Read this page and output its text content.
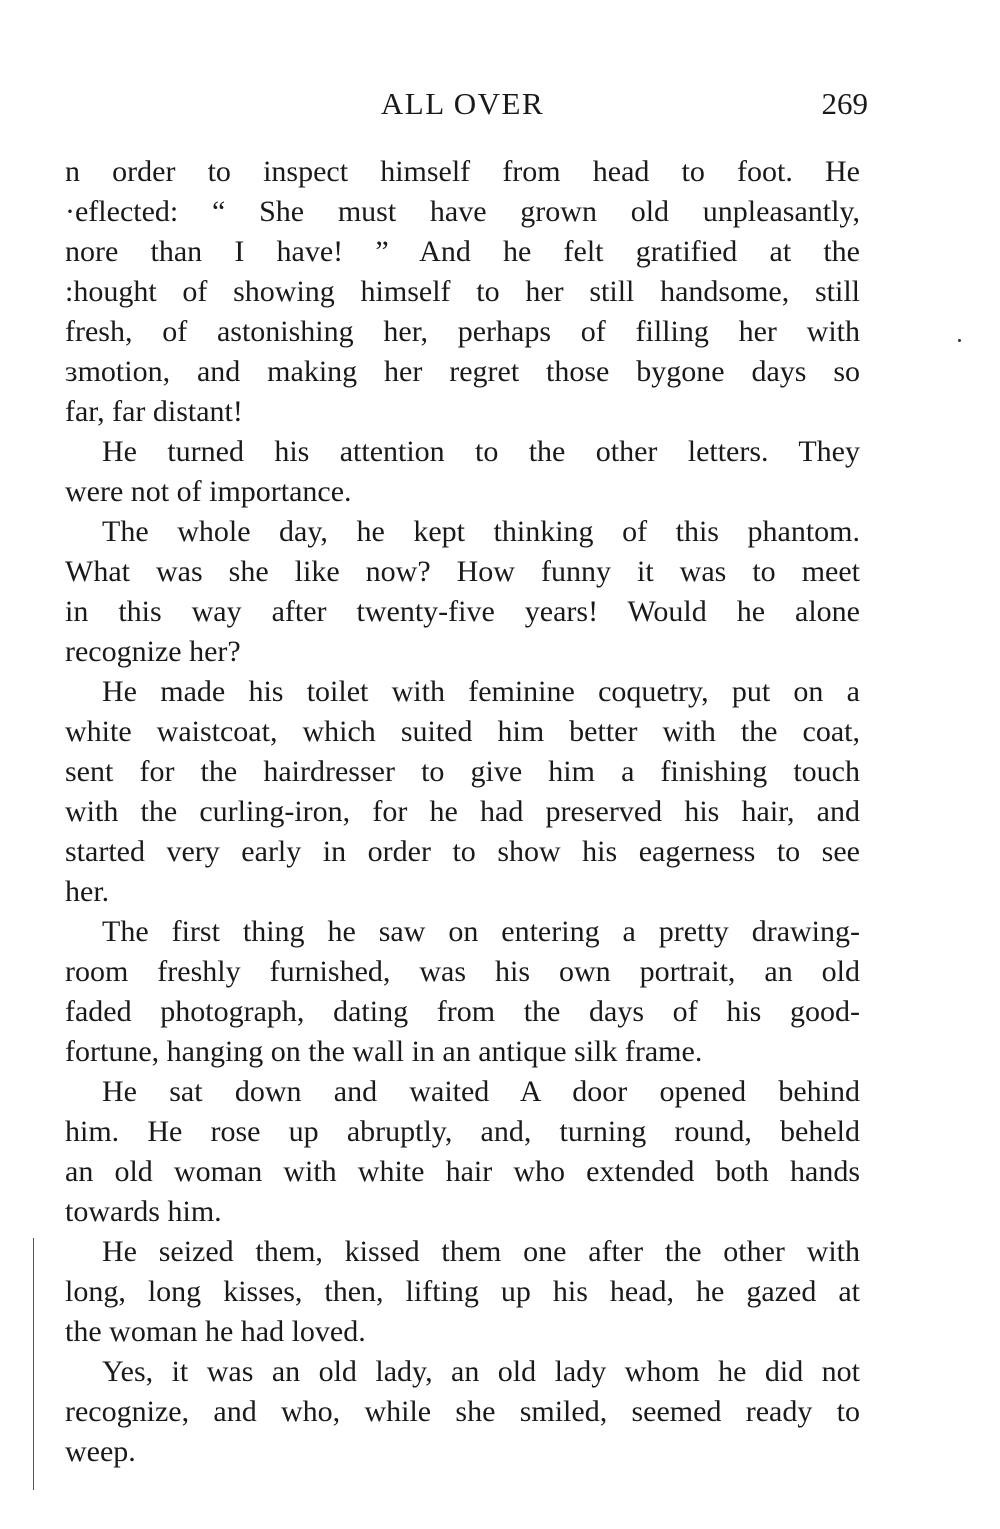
ALL OVER	269
n order to inspect himself from head to foot. He
·eflected: “ She must have grown old unpleasantly,
nore than I have! ” And he felt gratified at the
:hought of showing himself to her still handsome, still
fresh, of astonishing her, perhaps of filling her with
ɜmotion, and making her regret those bygone days so
far, far distant!
He turned his attention to the other letters. They
were not of importance.
The whole day, he kept thinking of this phantom.
What was she like now? How funny it was to meet
in this way after twenty-five years! Would he alone
recognize her?
He made his toilet with feminine coquetry, put on a
white waistcoat, which suited him better with the coat,
sent for the hairdresser to give him a finishing touch
with the curling-iron, for he had preserved his hair, and
started very early in order to show his eagerness to see
her.
The first thing he saw on entering a pretty drawing-
room freshly furnished, was his own portrait, an old
faded photograph, dating from the days of his good-
fortune, hanging on the wall in an antique silk frame.
He sat down and waited A door opened behind
him. He rose up abruptly, and, turning round, beheld
an old woman with white hair who extended both hands
towards him.
He seized them, kissed them one after the other with
long, long kisses, then, lifting up his head, he gazed at
the woman he had loved.
Yes, it was an old lady, an old lady whom he did not
recognize, and who, while she smiled, seemed ready to
weep.
